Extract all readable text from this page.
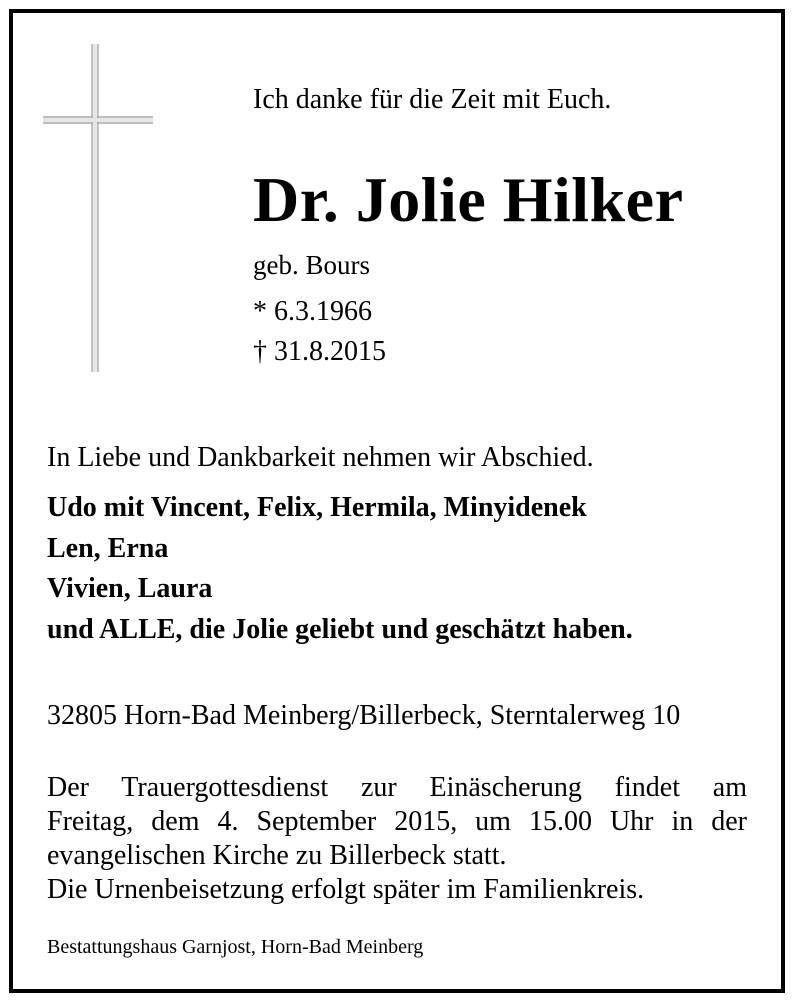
Ich danke für die Zeit mit Euch.
Dr. Jolie Hilker
geb. Bours
* 6.3.1966
† 31.8.2015
In Liebe und Dankbarkeit nehmen wir Abschied.
Udo mit Vincent, Felix, Hermila, Minyidenek
Len, Erna
Vivien, Laura
und ALLE, die Jolie geliebt und geschätzt haben.
32805 Horn-Bad Meinberg/Billerbeck, Sterntalerweg 10

Der Trauergottesdienst zur Einäscherung findet am

Freitag, dem 4. September 2015, um 15.00 Uhr in der

evangelischen Kirche zu Billerbeck statt.

Die Urnenbeisetzung erfolgt später im Familienkreis.

Bestattungshaus Garnjost, Horn-Bad Meinberg
